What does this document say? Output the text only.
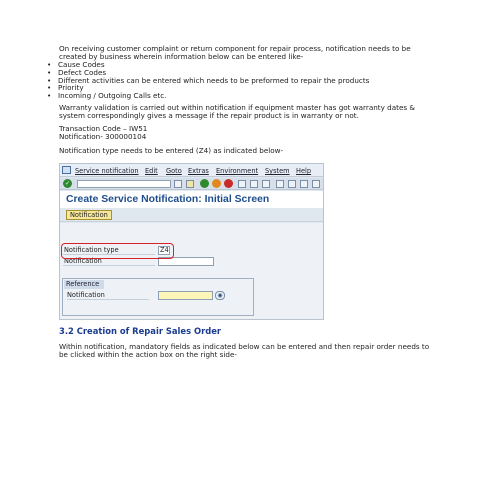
On receiving customer complaint or return component for repair process, notification needs to be
created by business wherein information below can be entered like-
• Cause Codes
• Defect Codes
• Different activities can be entered which needs to be preformed to repair the products
• Priority
• Incoming / Outgoing Calls etc.
Warranty validation is carried out within notification if equipment master has got warranty dates &
system correspondingly gives a message if the repair product is in warranty or not.
Transaction Code – IW51
Notification- 300000104
Notification type needs to be entered (Z4) as indicated below-
Service notification Edit Goto Extras Environment System Help
✓
Create Service Notification: Initial Screen
Notification
Notification type	Z4
Notification
Reference
Notification	◉
3.2 Creation of Repair Sales Order
Within notification, mandatory fields as indicated below can be entered and then repair order needs to
be clicked within the action box on the right side-
